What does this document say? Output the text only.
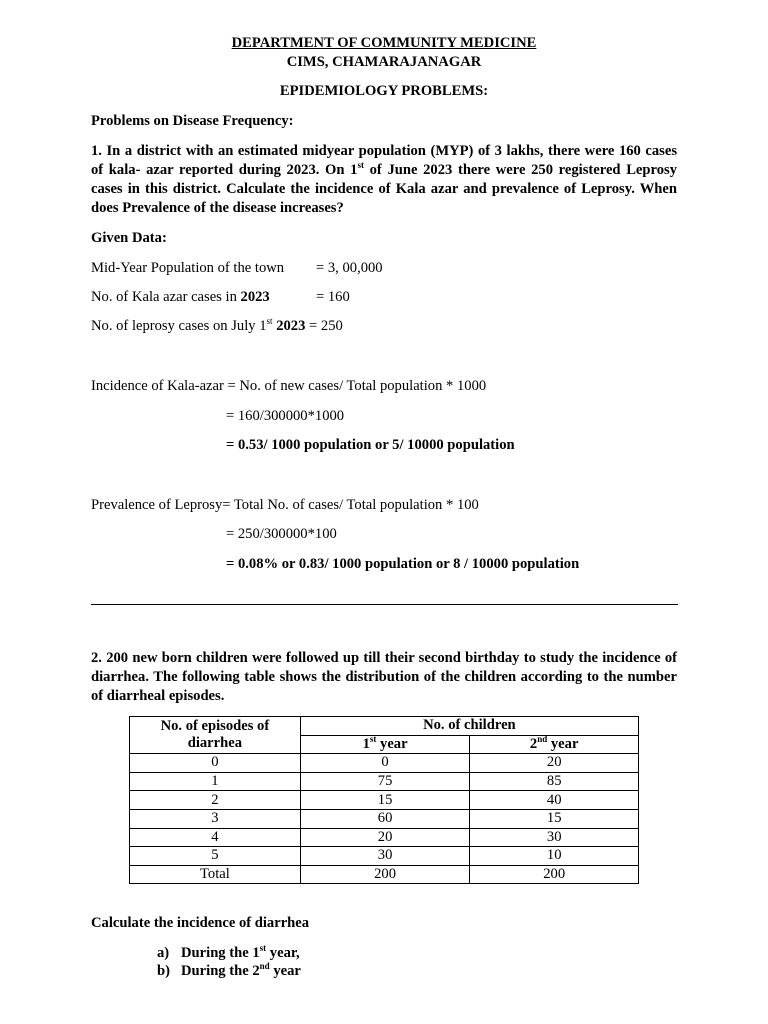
DEPARTMENT OF COMMUNITY MEDICINE
CIMS, CHAMARAJANAGAR
EPIDEMIOLOGY PROBLEMS:
Problems on Disease Frequency:
1. In a district with an estimated midyear population (MYP) of 3 lakhs, there were 160 cases of kala- azar reported during 2023. On 1st of June 2023 there were 250 registered Leprosy cases in this district. Calculate the incidence of Kala azar and prevalence of Leprosy. When does Prevalence of the disease increases?
Given Data:
Mid-Year Population of the town = 3, 00,000
No. of Kala azar cases in 2023	= 160
No. of leprosy cases on July 1st 2023 = 250
Incidence of Kala-azar = No. of new cases/ Total population * 1000
= 160/300000*1000
= 0.53/ 1000 population or 5/ 10000 population
Prevalence of Leprosy= Total No. of cases/ Total population * 100
= 250/300000*100
= 0.08% or 0.83/ 1000 population or 8 / 10000 population
2. 200 new born children were followed up till their second birthday to study the incidence of diarrhea. The following table shows the distribution of the children according to the number of diarrheal episodes.
No. of episodes of diarrhea	No. of children	
	1st year	2nd year
0	0	20
1	75	85
2	15	40
3	60	15
4	20	30
5	30	10
Total	200	200
Calculate the incidence of diarrhea
a) During the 1st year,
b) During the 2nd year
